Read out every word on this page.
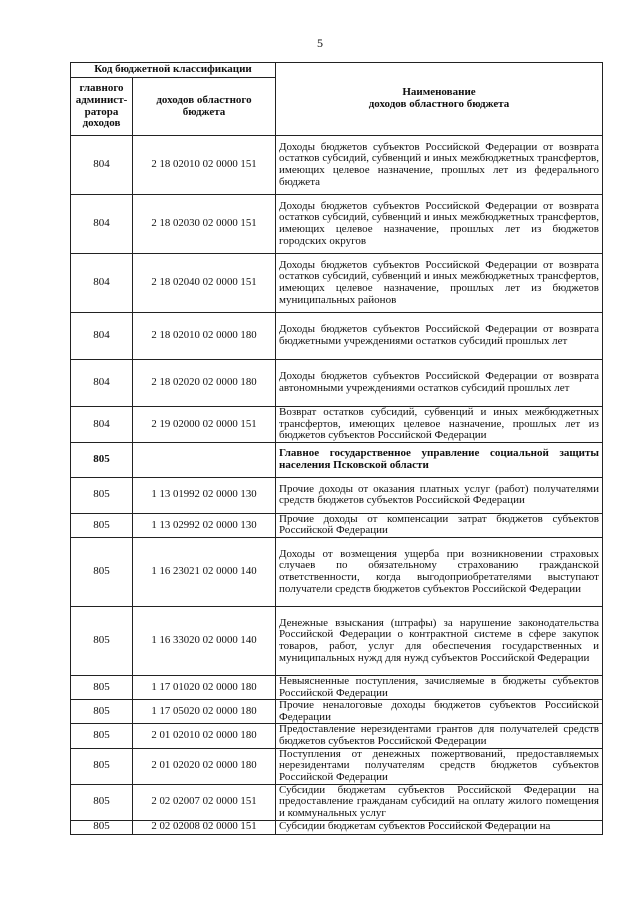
5
Код бюджетной классификации		Наименование
доходов областного бюджета
главного админист-ратора доходов	доходов областного бюджета	
804	2 18 02010 02 0000 151	Доходы бюджетов субъектов Российской Федерации от возврата остатков субсидий, субвенций и иных межбюджетных трансфертов, имеющих целевое назначение, прошлых лет из федерального бюджета
804	2 18 02030 02 0000 151	Доходы бюджетов субъектов Российской Федерации от возврата остатков субсидий, субвенций и иных межбюджетных трансфертов, имеющих целевое назначение, прошлых лет из бюджетов городских округов
804	2 18 02040 02 0000 151	Доходы бюджетов субъектов Российской Федерации от возврата остатков субсидий, субвенций и иных межбюджетных трансфертов, имеющих целевое назначение, прошлых лет из бюджетов муниципальных районов
804	2 18 02010 02 0000 180	Доходы бюджетов субъектов Российской Федерации от возврата бюджетными учреждениями остатков субсидий прошлых лет
804	2 18 02020 02 0000 180	Доходы бюджетов субъектов Российской Федерации от возврата автономными учреждениями остатков субсидий прошлых лет
804	2 19 02000 02 0000 151	Возврат остатков субсидий, субвенций и иных межбюджетных трансфертов, имеющих целевое назначение, прошлых лет из бюджетов субъектов Российской Федерации
805		Главное государственное управление социальной защиты населения Псковской области
805	1 13 01992 02 0000 130	Прочие доходы от оказания платных услуг (работ) получателями средств бюджетов субъектов Российской Федерации
805	1 13 02992 02 0000 130	Прочие доходы от компенсации затрат бюджетов субъектов Российской Федерации
805	1 16 23021 02 0000 140	Доходы от возмещения ущерба при возникновении страховых случаев по обязательному страхованию гражданской ответственности, когда выгодоприобретателями выступают получатели средств бюджетов субъектов Российской Федерации
805	1 16 33020 02 0000 140	Денежные взыскания (штрафы) за нарушение законодательства Российской Федерации о контрактной системе в сфере закупок товаров, работ, услуг для обеспечения государственных и муниципальных нужд для нужд субъектов Российской Федерации
805	1 17 01020 02 0000 180	Невыясненные поступления, зачисляемые в бюджеты субъектов Российской Федерации
805	1 17 05020 02 0000 180	Прочие неналоговые доходы бюджетов субъектов Российской Федерации
805	2 01 02010 02 0000 180	Предоставление нерезидентами грантов для получателей средств бюджетов субъектов Российской Федерации
805	2 01 02020 02 0000 180	Поступления от денежных пожертвований, предоставляемых нерезидентами получателям средств бюджетов субъектов Российской Федерации
805	2 02 02007 02 0000 151	Субсидии бюджетам субъектов Российской Федерации на предоставление гражданам субсидий на оплату жилого помещения и коммунальных услуг
805	2 02 02008 02 0000 151	Субсидии бюджетам субъектов Российской Федерации на
